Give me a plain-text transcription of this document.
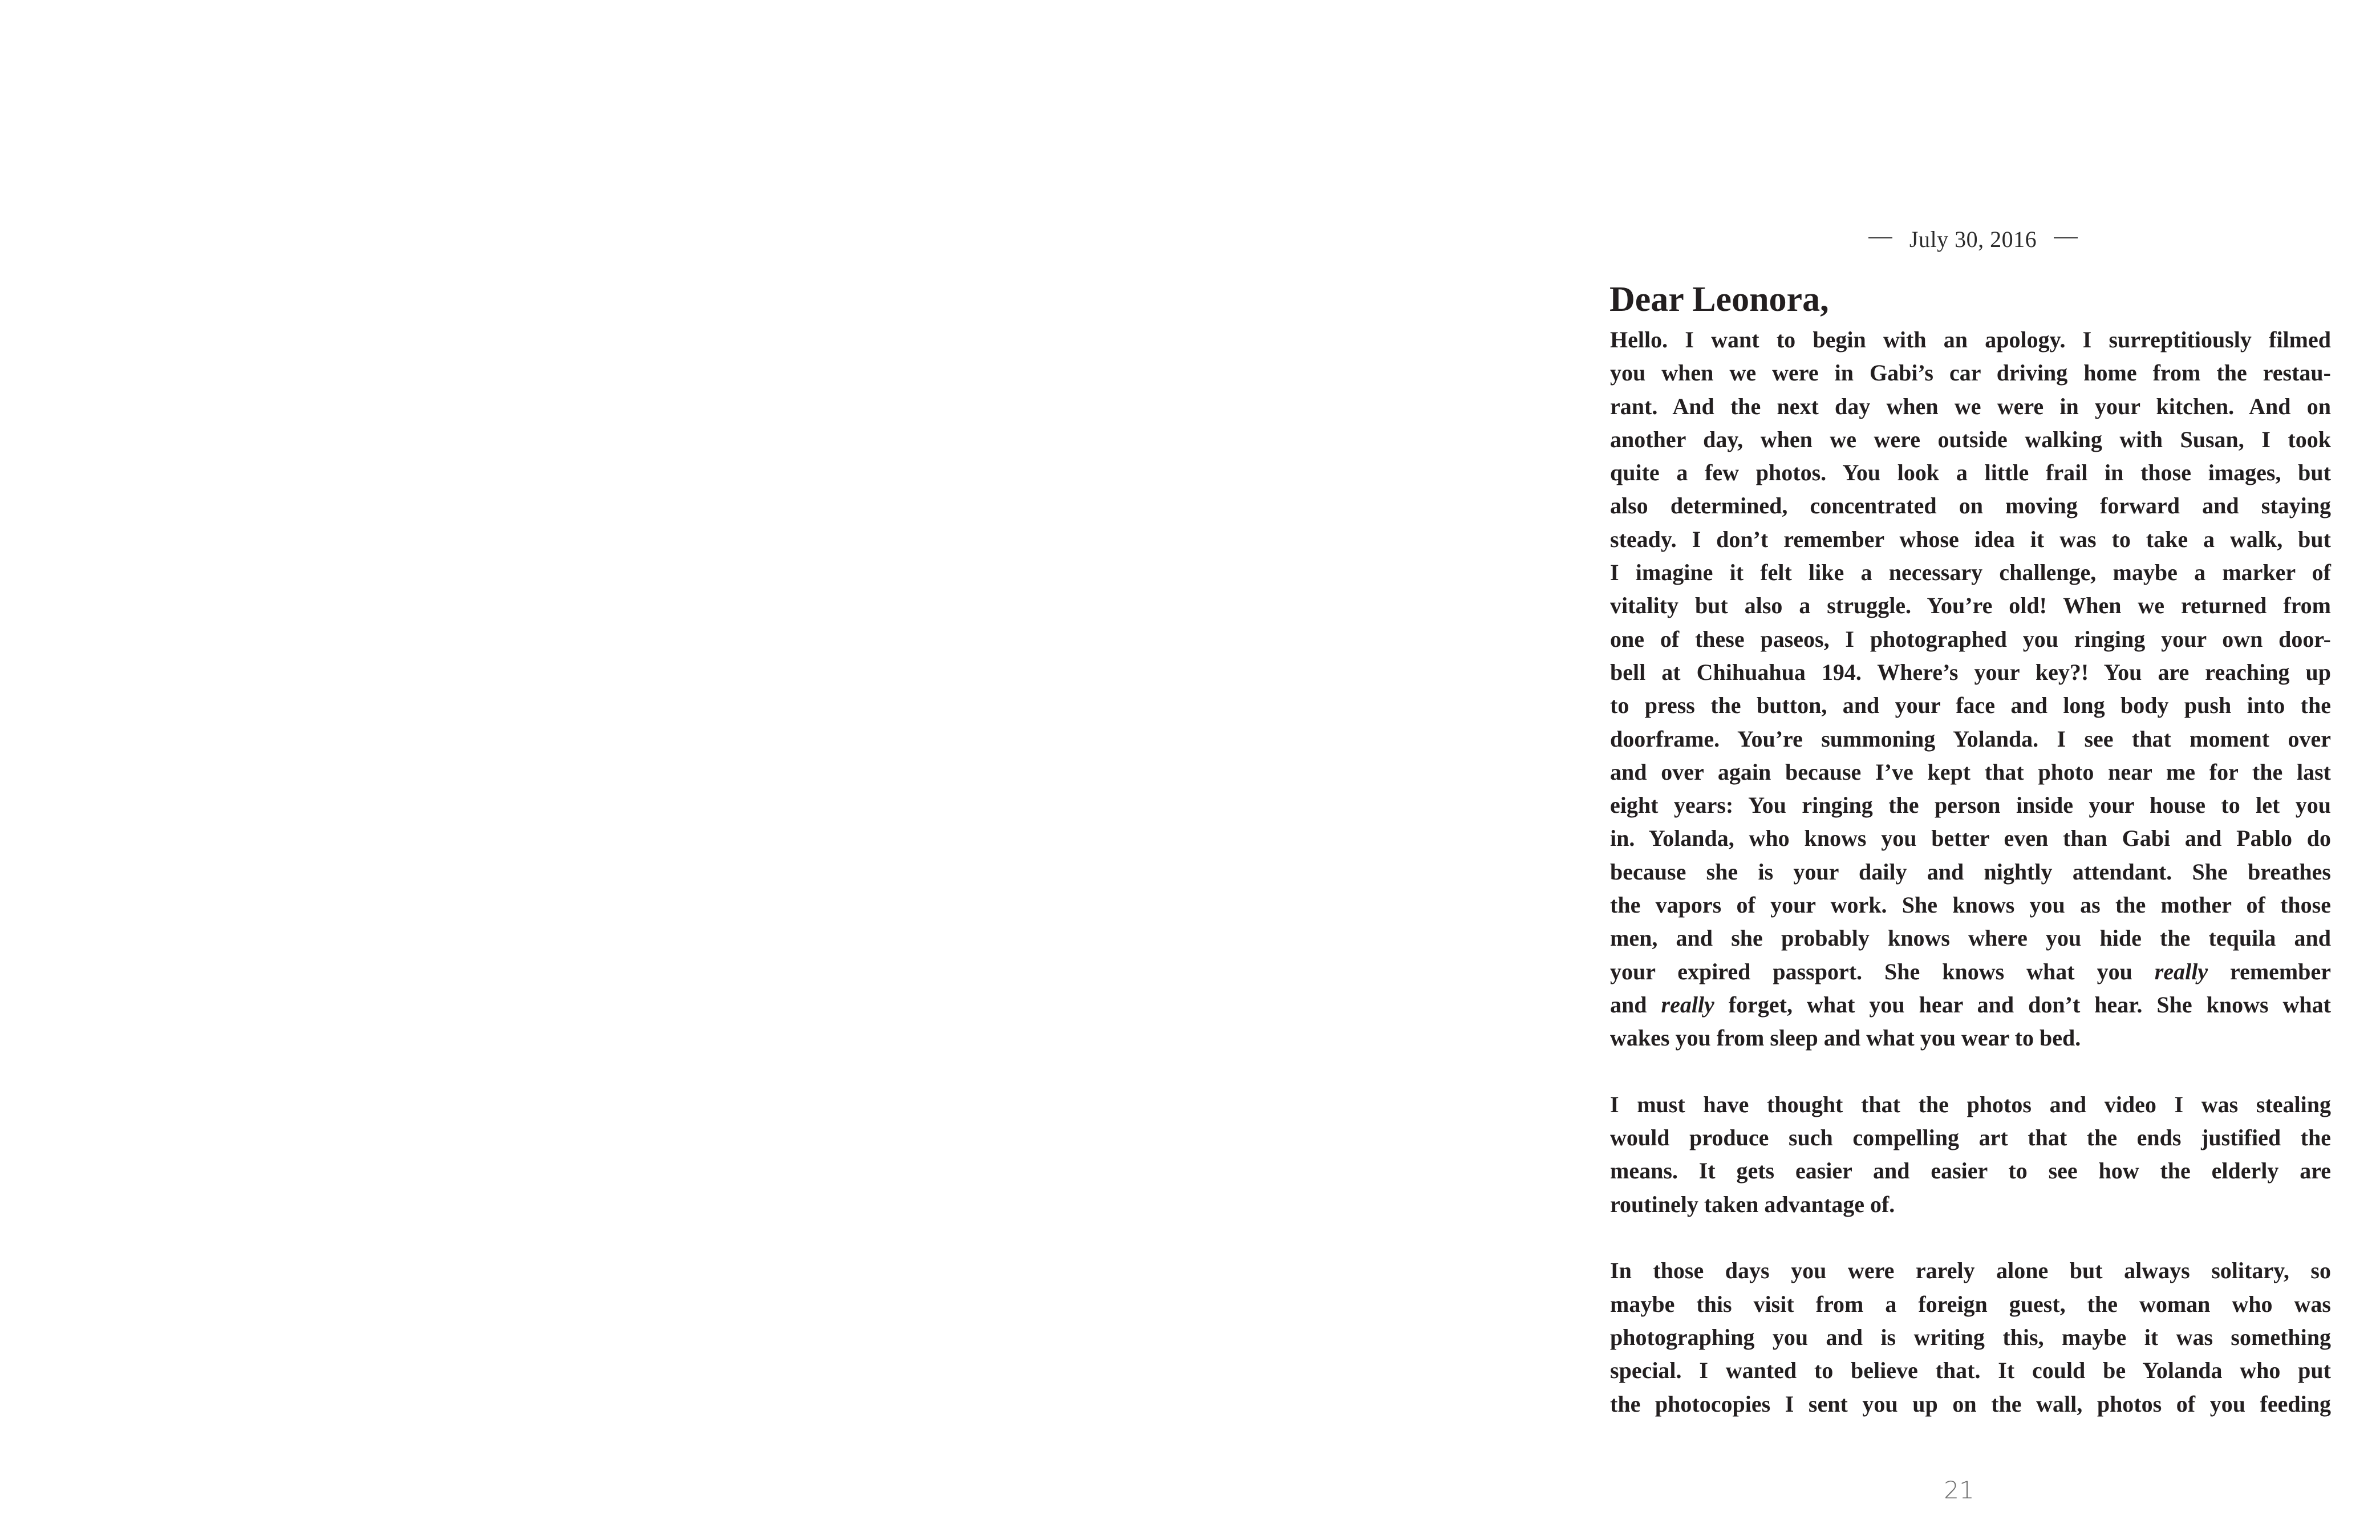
July 30, 2016
Dear Leonora,
Hello. I want to begin with an apology. I surreptitiously filmed
you when we were in Gabi’s car driving home from the restau-
rant. And the next day when we were in your kitchen. And on
another day, when we were outside walking with Susan, I took
quite a few photos. You look a little frail in those images, but
also determined, concentrated on moving forward and staying
steady. I don’t remember whose idea it was to take a walk, but
I imagine it felt like a necessary challenge, maybe a marker of
vitality but also a struggle. You’re old! When we returned from
one of these paseos, I photographed you ringing your own door-
bell at Chihuahua 194. Where’s your key?! You are reaching up
to press the button, and your face and long body push into the
doorframe. You’re summoning Yolanda. I see that moment over
and over again because I’ve kept that photo near me for the last
eight years: You ringing the person inside your house to let you
in. Yolanda, who knows you better even than Gabi and Pablo do
because she is your daily and nightly attendant. She breathes
the vapors of your work. She knows you as the mother of those
men, and she probably knows where you hide the tequila and
your expired passport. She knows what you really remember
and really forget, what you hear and don’t hear. She knows what
wakes you from sleep and what you wear to bed.
I must have thought that the photos and video I was stealing
would produce such compelling art that the ends justified the
means. It gets easier and easier to see how the elderly are
routinely taken advantage of.
In those days you were rarely alone but always solitary, so
maybe this visit from a foreign guest, the woman who was
photographing you and is writing this, maybe it was something
special. I wanted to believe that. It could be Yolanda who put
the photocopies I sent you up on the wall, photos of you feeding
21
